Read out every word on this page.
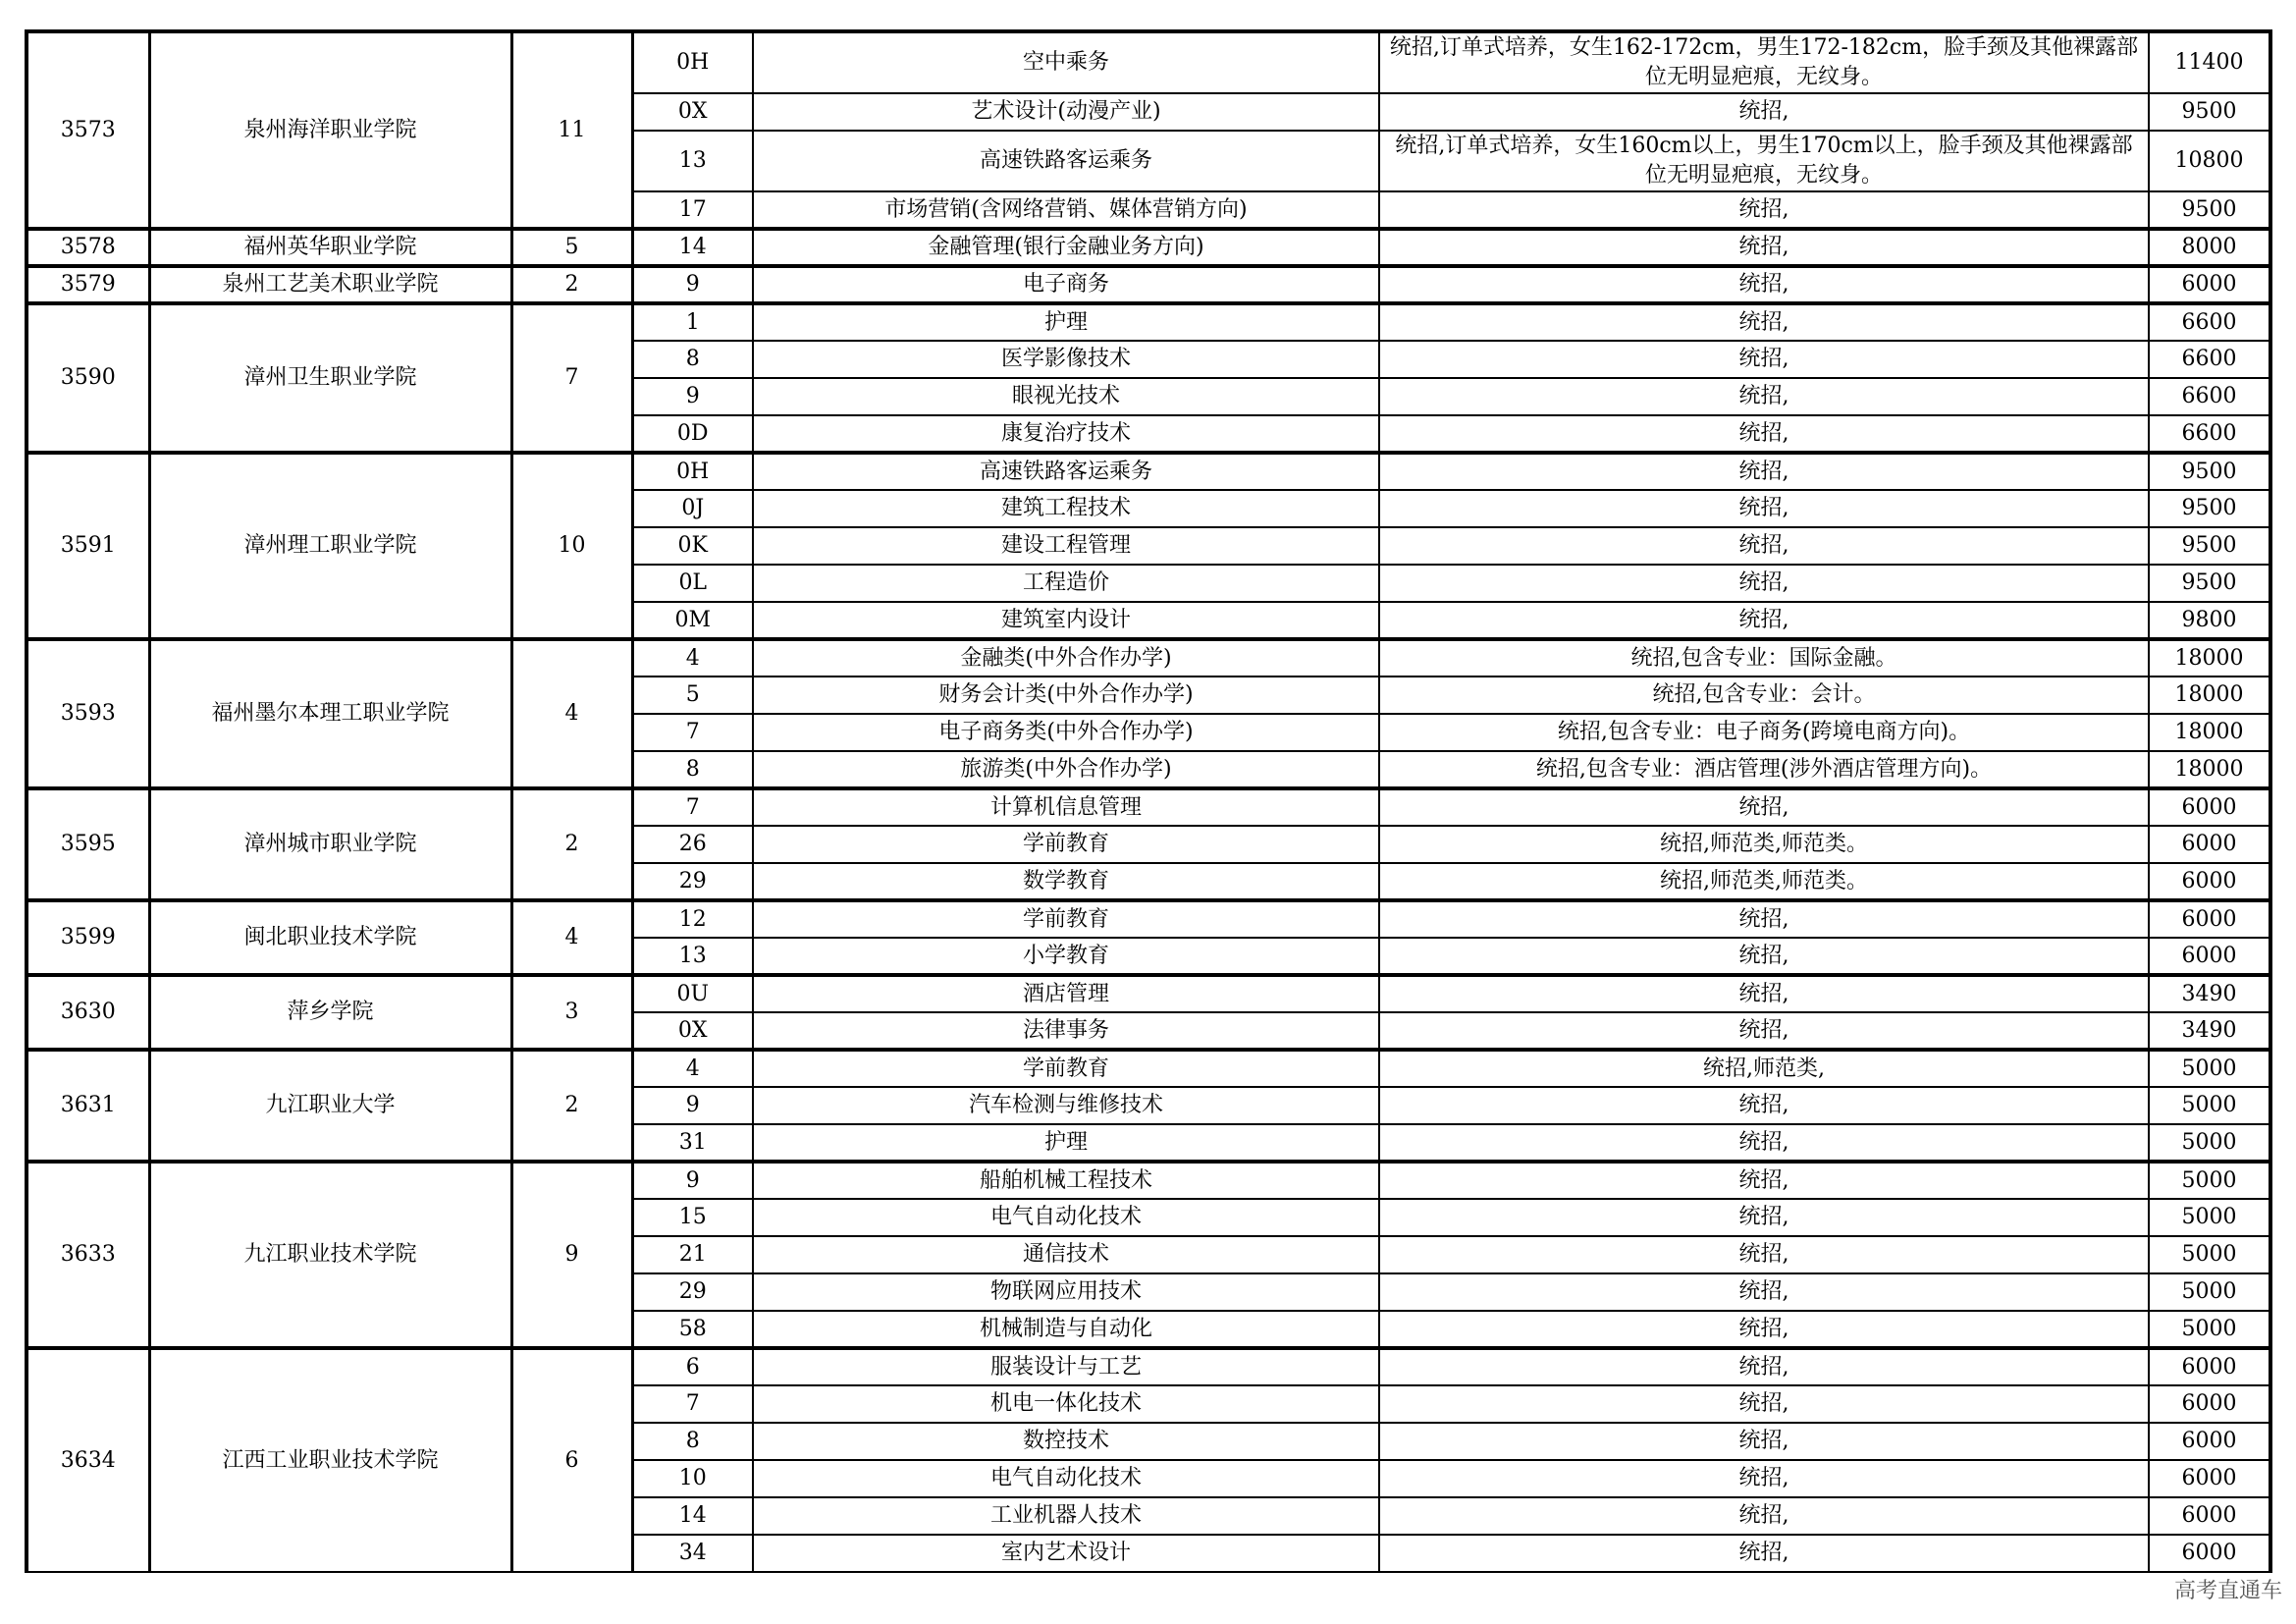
3573	泉州海洋职业学院	11	0H	空中乘务	统招,订单式培养，女生162-172cm，男生172-182cm，脸手颈及其他裸露部位无明显疤痕，无纹身。	11400
			0X	艺术设计(动漫产业)	统招,	9500
			13	高速铁路客运乘务	统招,订单式培养，女生160cm以上，男生170cm以上，脸手颈及其他裸露部位无明显疤痕，无纹身。	10800
			17	市场营销(含网络营销、媒体营销方向)	统招,	9500
3578	福州英华职业学院	5	14	金融管理(银行金融业务方向)	统招,	8000
3579	泉州工艺美术职业学院	2	9	电子商务	统招,	6000
3590	漳州卫生职业学院	7	1	护理	统招,	6600
			8	医学影像技术	统招,	6600
			9	眼视光技术	统招,	6600
			0D	康复治疗技术	统招,	6600
3591	漳州理工职业学院	10	0H	高速铁路客运乘务	统招,	9500
			0J	建筑工程技术	统招,	9500
			0K	建设工程管理	统招,	9500
			0L	工程造价	统招,	9500
			0M	建筑室内设计	统招,	9800
3593	福州墨尔本理工职业学院	4	4	金融类(中外合作办学)	统招,包含专业：国际金融。	18000
			5	财务会计类(中外合作办学)	统招,包含专业：会计。	18000
			7	电子商务类(中外合作办学)	统招,包含专业：电子商务(跨境电商方向)。	18000
			8	旅游类(中外合作办学)	统招,包含专业：酒店管理(涉外酒店管理方向)。	18000
3595	漳州城市职业学院	2	7	计算机信息管理	统招,	6000
			26	学前教育	统招,师范类,师范类。	6000
			29	数学教育	统招,师范类,师范类。	6000
3599	闽北职业技术学院	4	12	学前教育	统招,	6000
			13	小学教育	统招,	6000
3630	萍乡学院	3	0U	酒店管理	统招,	3490
			0X	法律事务	统招,	3490
3631	九江职业大学	2	4	学前教育	统招,师范类,	5000
			9	汽车检测与维修技术	统招,	5000
			31	护理	统招,	5000
3633	九江职业技术学院	9	9	船舶机械工程技术	统招,	5000
			15	电气自动化技术	统招,	5000
			21	通信技术	统招,	5000
			29	物联网应用技术	统招,	5000
			58	机械制造与自动化	统招,	5000
3634	江西工业职业技术学院	6	6	服装设计与工艺	统招,	6000
			7	机电一体化技术	统招,	6000
			8	数控技术	统招,	6000
			10	电气自动化技术	统招,	6000
			14	工业机器人技术	统招,	6000
			34	室内艺术设计	统招,	6000
高考直通车
